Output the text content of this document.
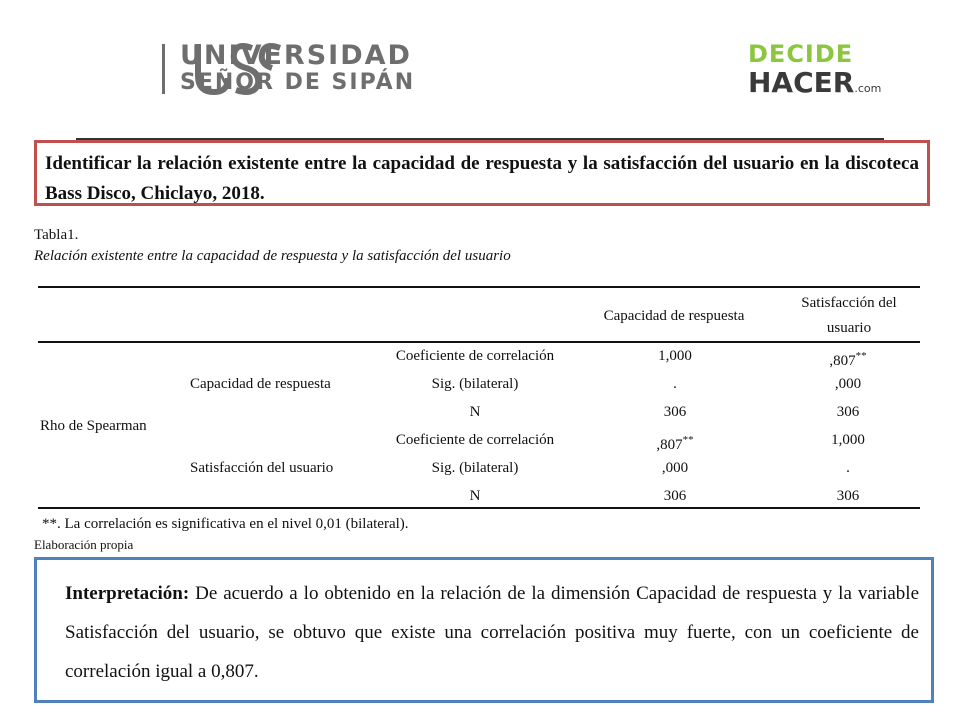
UNIVERSIDAD
SEÑOR DE SIPÁN
DECIDE
HACER.com
Identificar la relación existente entre la capacidad de respuesta y la satisfacción del usuario en la discoteca Bass Disco, Chiclayo, 2018.
Tabla1.
Relación existente entre la capacidad de respuesta y la satisfacción del usuario
Capacidad de respuesta
Satisfacción del
usuario
Rho de Spearman
Capacidad de respuesta
Satisfacción del usuario
Coeficiente de correlación
Sig. (bilateral)
N
Coeficiente de correlación
Sig. (bilateral)
N
1,000
.
306
,807**
,000
306
,807**
,000
306
1,000
.
306
**. La correlación es significativa en el nivel 0,01 (bilateral).
Elaboración propia
Interpretación: De acuerdo a lo obtenido en la relación de la dimensión Capacidad de respuesta y la variable Satisfacción del usuario, se obtuvo que existe una correlación positiva muy fuerte, con un coeficiente de correlación igual a 0,807.
